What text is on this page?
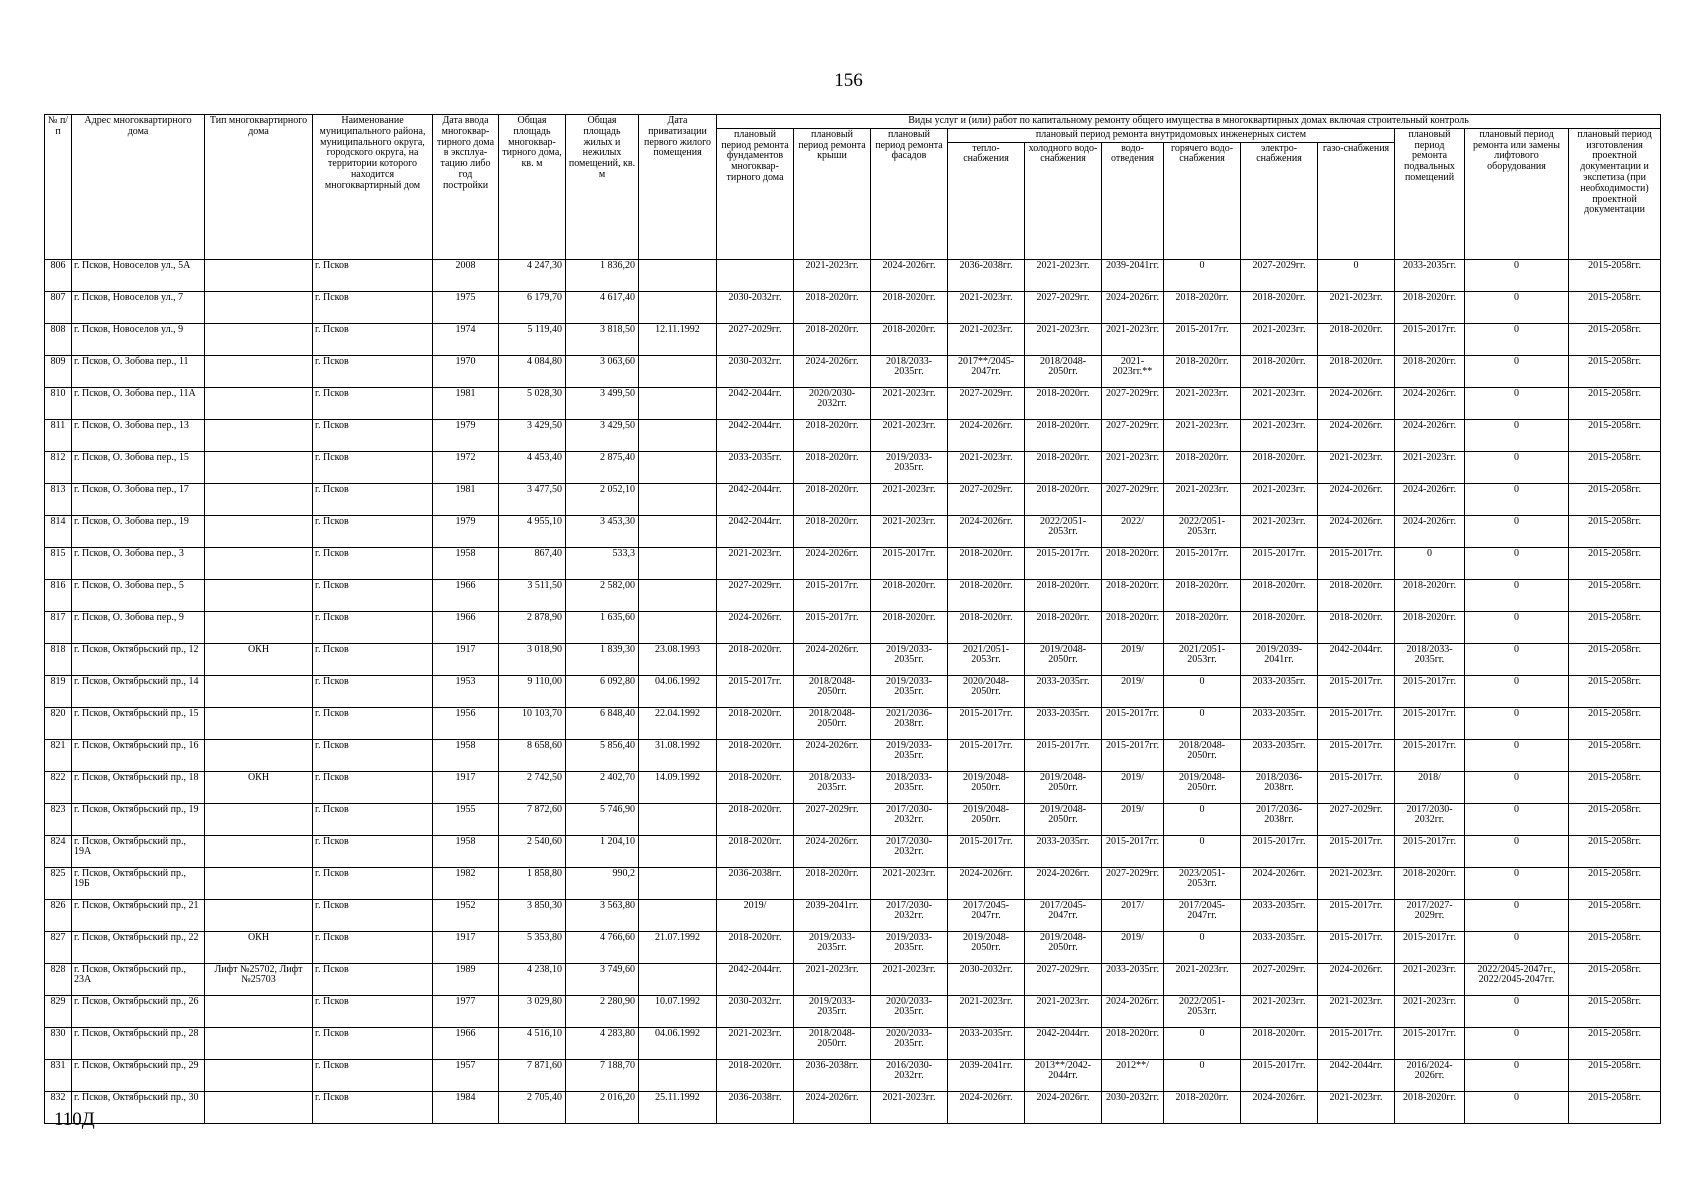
156
№ п/п	Адрес многоквартирного дома	Тип многоквартирного дома	Наименование муниципального района, муниципального округа, городского округа, на территории которого находится многоквартирный дом	Дата ввода многоквар-тирного дома в эксплуа-тацию либо год постройки	Общая площадь многоквар-тирного дома, кв. м	Общая площадь жилых и нежилых помещений, кв. м	Дата приватизации первого жилого помещения	Виды услуг и (или) работ по капитальному ремонту общего имущества в многоквартирных домах включая строительный контроль											
								плановый период ремонта фундаментов многоквар-тирного дома	плановый период ремонта крыши	плановый период ремонта фасадов	плановый период ремонта внутридомовых инженерных систем						плановый период ремонта подвальных помещений	плановый период ремонта или замены лифтового оборудования	плановый период изготовления проектной документации и экспетиза (при необходимости) проектной документации
											тепло-снабжения	холодного водо-снабжения	водо-отведения	горячего водо-снабжения	электро-снабжения	газо-снабжения			
806	г. Псков, Новоселов ул., 5А		г. Псков	2008	4 247,30	1 836,20			2021-2023гг.	2024-2026гг.	2036-2038гг.	2021-2023гг.	2039-2041гг.	0	2027-2029гг.	0	2033-2035гг.	0	2015-2058гг.
807	г. Псков, Новоселов ул., 7		г. Псков	1975	6 179,70	4 617,40		2030-2032гг.	2018-2020гг.	2018-2020гг.	2021-2023гг.	2027-2029гг.	2024-2026гг.	2018-2020гг.	2018-2020гг.	2021-2023гг.	2018-2020гг.	0	2015-2058гг.
808	г. Псков, Новоселов ул., 9		г. Псков	1974	5 119,40	3 818,50	12.11.1992	2027-2029гг.	2018-2020гг.	2018-2020гг.	2021-2023гг.	2021-2023гг.	2021-2023гг.	2015-2017гг.	2021-2023гг.	2018-2020гг.	2015-2017гг.	0	2015-2058гг.
809	г. Псков, О. Зобова пер., 11		г. Псков	1970	4 084,80	3 063,60		2030-2032гг.	2024-2026гг.	2018/2033-2035гг.	2017**/2045-2047гг.	2018/2048-2050гг.	2021-2023гг.**	2018-2020гг.	2018-2020гг.	2018-2020гг.	2018-2020гг.	0	2015-2058гг.
810	г. Псков, О. Зобова пер., 11А		г. Псков	1981	5 028,30	3 499,50		2042-2044гг.	2020/2030-2032гг.	2021-2023гг.	2027-2029гг.	2018-2020гг.	2027-2029гг.	2021-2023гг.	2021-2023гг.	2024-2026гг.	2024-2026гг.	0	2015-2058гг.
811	г. Псков, О. Зобова пер., 13		г. Псков	1979	3 429,50	3 429,50		2042-2044гг.	2018-2020гг.	2021-2023гг.	2024-2026гг.	2018-2020гг.	2027-2029гг.	2021-2023гг.	2021-2023гг.	2024-2026гг.	2024-2026гг.	0	2015-2058гг.
812	г. Псков, О. Зобова пер., 15		г. Псков	1972	4 453,40	2 875,40		2033-2035гг.	2018-2020гг.	2019/2033-2035гг.	2021-2023гг.	2018-2020гг.	2021-2023гг.	2018-2020гг.	2018-2020гг.	2021-2023гг.	2021-2023гг.	0	2015-2058гг.
813	г. Псков, О. Зобова пер., 17		г. Псков	1981	3 477,50	2 052,10		2042-2044гг.	2018-2020гг.	2021-2023гг.	2027-2029гг.	2018-2020гг.	2027-2029гг.	2021-2023гг.	2021-2023гг.	2024-2026гг.	2024-2026гг.	0	2015-2058гг.
814	г. Псков, О. Зобова пер., 19		г. Псков	1979	4 955,10	3 453,30		2042-2044гг.	2018-2020гг.	2021-2023гг.	2024-2026гг.	2022/2051-2053гг.	2022/	2022/2051-2053гг.	2021-2023гг.	2024-2026гг.	2024-2026гг.	0	2015-2058гг.
815	г. Псков, О. Зобова пер., 3		г. Псков	1958	867,40	533,3		2021-2023гг.	2024-2026гг.	2015-2017гг.	2018-2020гг.	2015-2017гг.	2018-2020гг.	2015-2017гг.	2015-2017гг.	2015-2017гг.	0	0	2015-2058гг.
816	г. Псков, О. Зобова пер., 5		г. Псков	1966	3 511,50	2 582,00		2027-2029гг.	2015-2017гг.	2018-2020гг.	2018-2020гг.	2018-2020гг.	2018-2020гг.	2018-2020гг.	2018-2020гг.	2018-2020гг.	2018-2020гг.	0	2015-2058гг.
817	г. Псков, О. Зобова пер., 9		г. Псков	1966	2 878,90	1 635,60		2024-2026гг.	2015-2017гг.	2018-2020гг.	2018-2020гг.	2018-2020гг.	2018-2020гг.	2018-2020гг.	2018-2020гг.	2018-2020гг.	2018-2020гг.	0	2015-2058гг.
818	г. Псков, Октябрьский пр., 12	ОКН	г. Псков	1917	3 018,90	1 839,30	23.08.1993	2018-2020гг.	2024-2026гг.	2019/2033-2035гг.	2021/2051-2053гг.	2019/2048-2050гг.	2019/	2021/2051-2053гг.	2019/2039-2041гг.	2042-2044гг.	2018/2033-2035гг.	0	2015-2058гг.
819	г. Псков, Октябрьский пр., 14		г. Псков	1953	9 110,00	6 092,80	04.06.1992	2015-2017гг.	2018/2048-2050гг.	2019/2033-2035гг.	2020/2048-2050гг.	2033-2035гг.	2019/	0	2033-2035гг.	2015-2017гг.	2015-2017гг.	0	2015-2058гг.
820	г. Псков, Октябрьский пр., 15		г. Псков	1956	10 103,70	6 848,40	22.04.1992	2018-2020гг.	2018/2048-2050гг.	2021/2036-2038гг.	2015-2017гг.	2033-2035гг.	2015-2017гг.	0	2033-2035гг.	2015-2017гг.	2015-2017гг.	0	2015-2058гг.
821	г. Псков, Октябрьский пр., 16		г. Псков	1958	8 658,60	5 856,40	31.08.1992	2018-2020гг.	2024-2026гг.	2019/2033-2035гг.	2015-2017гг.	2015-2017гг.	2015-2017гг.	2018/2048-2050гг.	2033-2035гг.	2015-2017гг.	2015-2017гг.	0	2015-2058гг.
822	г. Псков, Октябрьский пр., 18	ОКН	г. Псков	1917	2 742,50	2 402,70	14.09.1992	2018-2020гг.	2018/2033-2035гг.	2018/2033-2035гг.	2019/2048-2050гг.	2019/2048-2050гг.	2019/	2019/2048-2050гг.	2018/2036-2038гг.	2015-2017гг.	2018/	0	2015-2058гг.
823	г. Псков, Октябрьский пр., 19		г. Псков	1955	7 872,60	5 746,90		2018-2020гг.	2027-2029гг.	2017/2030-2032гг.	2019/2048-2050гг.	2019/2048-2050гг.	2019/	0	2017/2036-2038гг.	2027-2029гг.	2017/2030-2032гг.	0	2015-2058гг.
824	г. Псков, Октябрьский пр., 19А		г. Псков	1958	2 540,60	1 204,10		2018-2020гг.	2024-2026гг.	2017/2030-2032гг.	2015-2017гг.	2033-2035гг.	2015-2017гг.	0	2015-2017гг.	2015-2017гг.	2015-2017гг.	0	2015-2058гг.
825	г. Псков, Октябрьский пр., 19Б		г. Псков	1982	1 858,80	990,2		2036-2038гг.	2018-2020гг.	2021-2023гг.	2024-2026гг.	2024-2026гг.	2027-2029гг.	2023/2051-2053гг.	2024-2026гг.	2021-2023гг.	2018-2020гг.	0	2015-2058гг.
826	г. Псков, Октябрьский пр., 21		г. Псков	1952	3 850,30	3 563,80		2019/	2039-2041гг.	2017/2030-2032гг.	2017/2045-2047гг.	2017/2045-2047гг.	2017/	2017/2045-2047гг.	2033-2035гг.	2015-2017гг.	2017/2027-2029гг.	0	2015-2058гг.
827	г. Псков, Октябрьский пр., 22	ОКН	г. Псков	1917	5 353,80	4 766,60	21.07.1992	2018-2020гг.	2019/2033-2035гг.	2019/2033-2035гг.	2019/2048-2050гг.	2019/2048-2050гг.	2019/	0	2033-2035гг.	2015-2017гг.	2015-2017гг.	0	2015-2058гг.
828	г. Псков, Октябрьский пр., 23А	Лифт №25702, Лифт №25703	г. Псков	1989	4 238,10	3 749,60		2042-2044гг.	2021-2023гг.	2021-2023гг.	2030-2032гг.	2027-2029гг.	2033-2035гг.	2021-2023гг.	2027-2029гг.	2024-2026гг.	2021-2023гг.	2022/2045-2047гг., 2022/2045-2047гг.	2015-2058гг.
829	г. Псков, Октябрьский пр., 26		г. Псков	1977	3 029,80	2 280,90	10.07.1992	2030-2032гг.	2019/2033-2035гг.	2020/2033-2035гг.	2021-2023гг.	2021-2023гг.	2024-2026гг.	2022/2051-2053гг.	2021-2023гг.	2021-2023гг.	2021-2023гг.	0	2015-2058гг.
830	г. Псков, Октябрьский пр., 28		г. Псков	1966	4 516,10	4 283,80	04.06.1992	2021-2023гг.	2018/2048-2050гг.	2020/2033-2035гг.	2033-2035гг.	2042-2044гг.	2018-2020гг.	0	2018-2020гг.	2015-2017гг.	2015-2017гг.	0	2015-2058гг.
831	г. Псков, Октябрьский пр., 29		г. Псков	1957	7 871,60	7 188,70		2018-2020гг.	2036-2038гг.	2016/2030-2032гг.	2039-2041гг.	2013**/2042-2044гг.	2012**/	0	2015-2017гг.	2042-2044гг.	2016/2024-2026гг.	0	2015-2058гг.
832	г. Псков, Октябрьский пр., 30		г. Псков	1984	2 705,40	2 016,20	25.11.1992	2036-2038гг.	2024-2026гг.	2021-2023гг.	2024-2026гг.	2024-2026гг.	2030-2032гг.	2018-2020гг.	2024-2026гг.	2021-2023гг.	2018-2020гг.	0	2015-2058гг.
110Д
